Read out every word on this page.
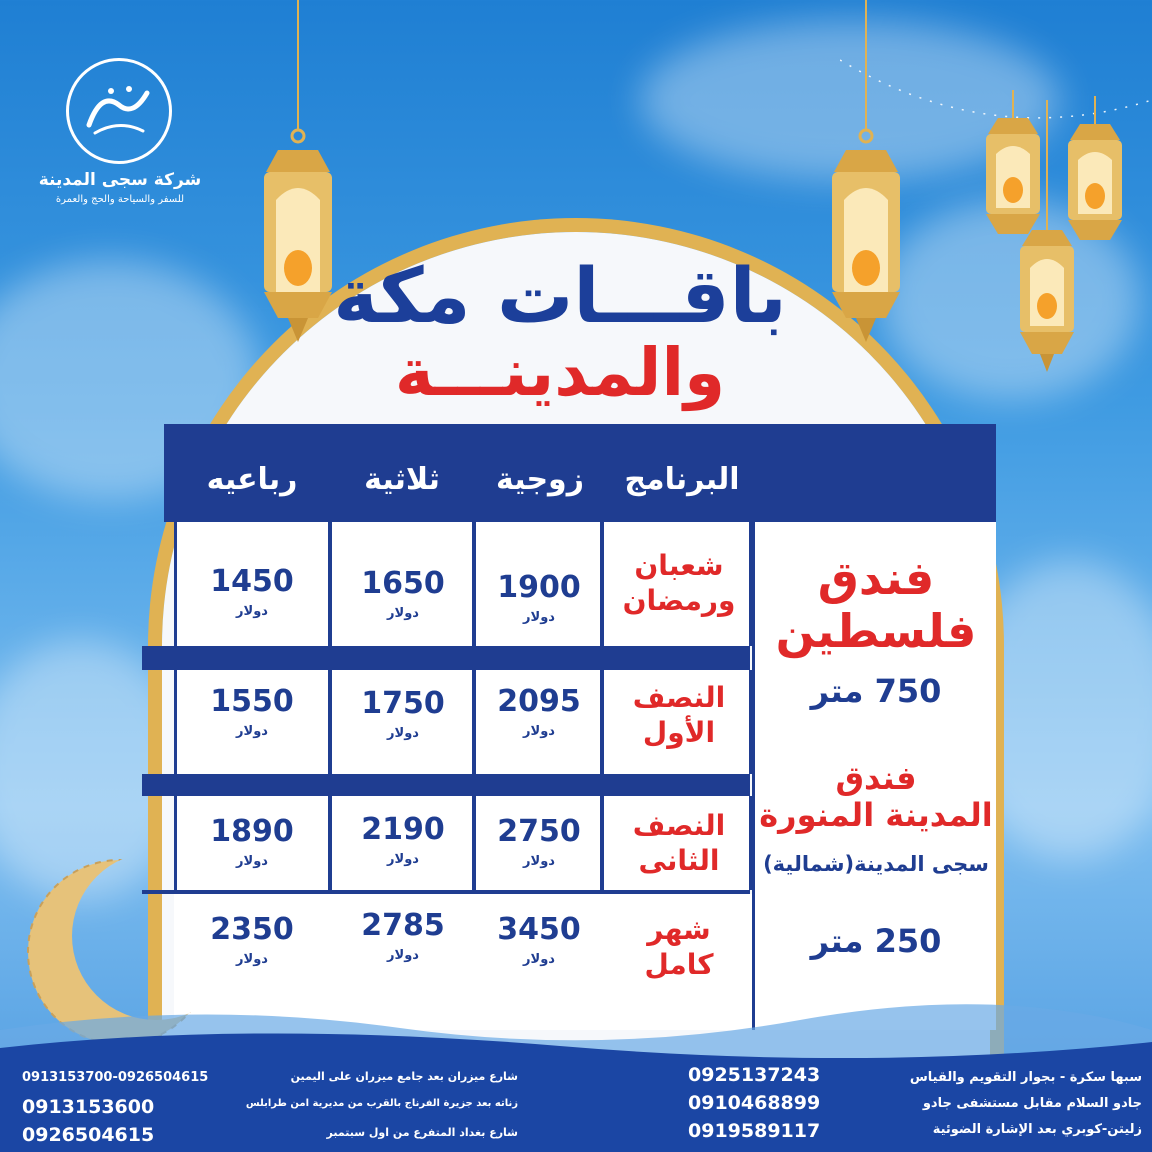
شركة سجى المدينة
للسفر والسياحة والحج والعمرة
باقـــات مكة
والمدينـــة
البرنامج
زوجية
ثلاثية
رباعيه
شعبان
ورمضان
1900
دولار
1650
دولار
1450
دولار
النصف
الأول
2095
دولار
1750
دولار
1550
دولار
النصف
الثانى
2750
دولار
2190
دولار
1890
دولار
شهر
كامل
3450
دولار
2785
دولار
2350
دولار
فندق
فلسطين
750 متر
فندق
المدينة المنورة
سجى المدينة(شمالية)
250 متر
سبها سكرة - بجوار التقويم والقياس
جادو السلام مقابل مستشفى جادو
زليتن-كوبري بعد الإشارة الضوئية
0925137243
0910468899
0919589117
شارع ميزران بعد جامع ميزران على اليمين
زناته بعد جزيرة الفرناج بالقرب من مديرية امن طرابلس
شارع بغداد المتفرع من اول سبتمبر
0913153700-0926504615
0913153600
0926504615
